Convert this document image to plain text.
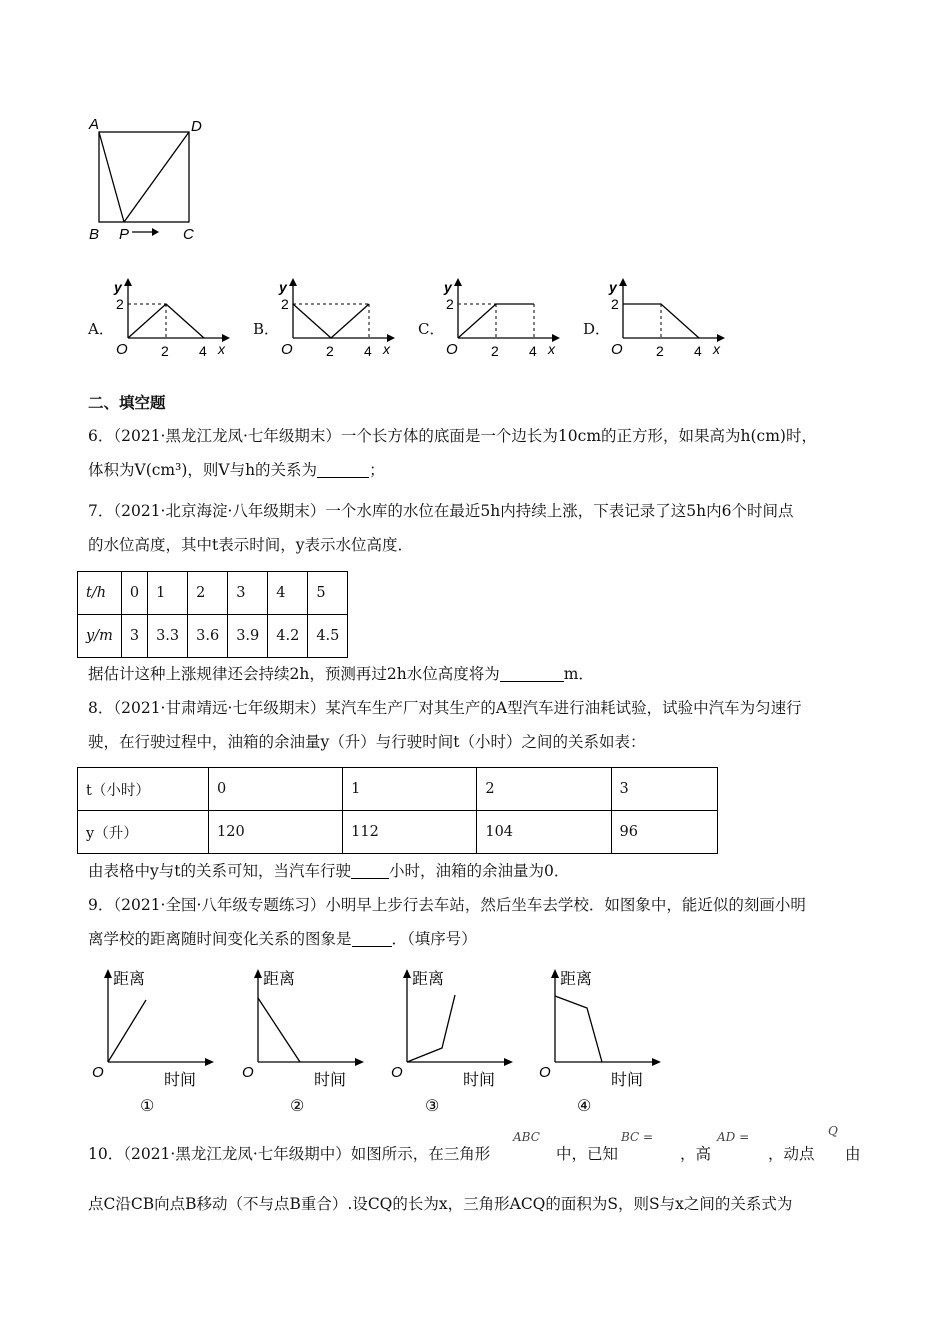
A	D
B P	C
A．	B．	C．	D．
y
2
O 2 4 x
y
2
O 2 4 x
y
2
O 2 4 x
y
2
O 2 4 x
二、填空题
6．（2021·黑龙江龙凤·七年级期末）一个长方体的底面是一个边长为10cm的正方形，如果高为h(cm)时，
体积为V(cm³)，则V与h的关系为	；
7．（2021·北京海淀·八年级期末）一个水库的水位在最近5h内持续上涨，下表记录了这5h内6个时间点
的水位高度，其中t表示时间，y表示水位高度．
t/h	0	1	2	3	4	5
y/m	3	3.3	3.6	3.9	4.2	4.5
据估计这种上涨规律还会持续2h，预测再过2h水位高度将为	m．
8．（2021·甘肃靖远·七年级期末）某汽车生产厂对其生产的A型汽车进行油耗试验，试验中汽车为匀速行
驶，在行驶过程中，油箱的余油量y（升）与行驶时间t（小时）之间的关系如表：
t（小时）	0	1	2	3
y（升）	120	112	104	96
由表格中y与t的关系可知，当汽车行驶 小时，油箱的余油量为0．
9．（2021·全国·八年级专题练习）小明早上步行去车站，然后坐车去学校．如图象中，能近似的刻画小明
离学校的距离随时间变化关系的图象是	．（填序号）
距离
O	时间
①
距离
O	时间
②
距离
O	时间
③
距离
O	时间
④
10．（2021·黑龙江龙凤·七年级期中）如图所示，在三角形
ABC
中，已知
BC =
，高
AD =
，动点
Q
由
点C沿CB向点B移动（不与点B重合）.设CQ的长为x，三角形ACQ的面积为S，则S与x之间的关系式为
